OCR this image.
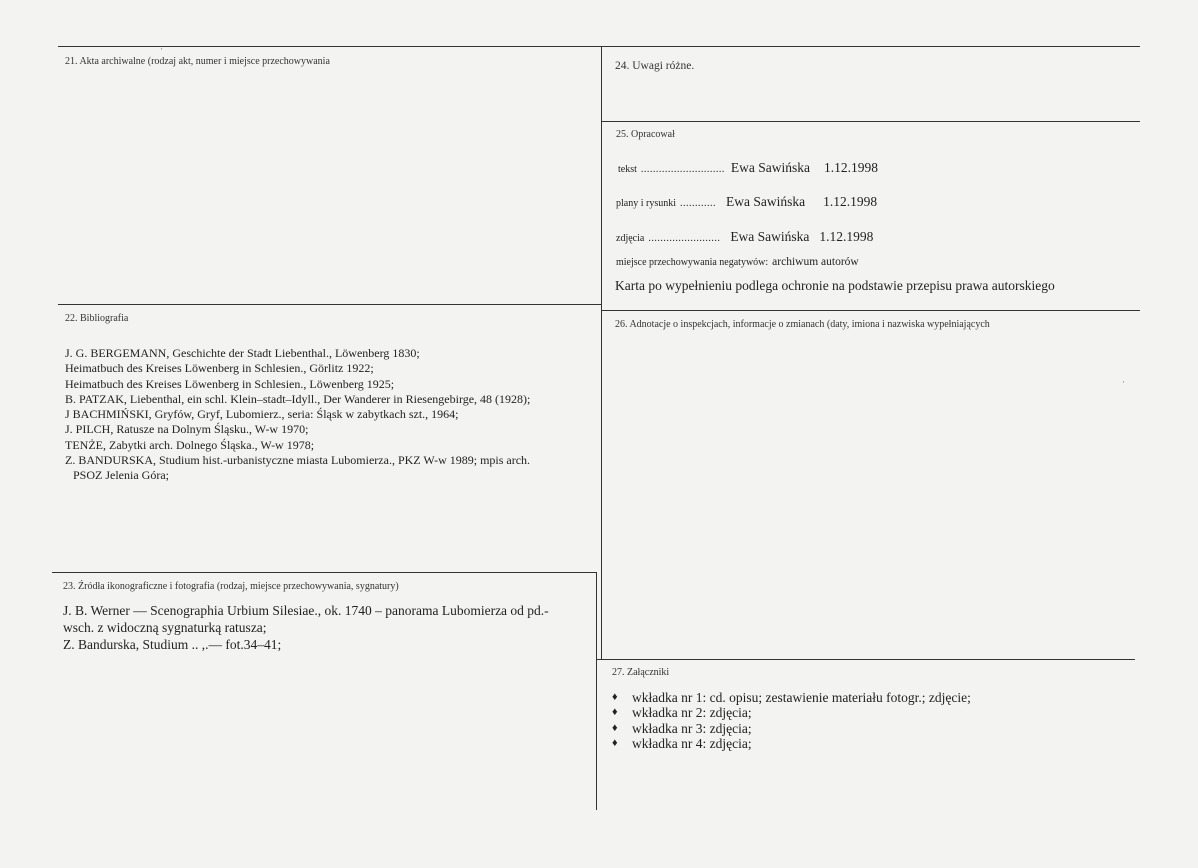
21. Akta archiwalne (rodzaj akt, numer i miejsce przechowywania
22. Bibliografia
J. G. BERGEMANN, Geschichte der Stadt Liebenthal., Löwenberg 1830;
Heimatbuch des Kreises Löwenberg in Schlesien., Görlitz 1922;
Heimatbuch des Kreises Löwenberg in Schlesien., Löwenberg 1925;
B. PATZAK, Liebenthal, ein schl. Klein–stadt–Idyll., Der Wanderer in Riesengebirge, 48 (1928);
J BACHMIŃSKI, Gryfów, Gryf, Lubomierz., seria: Śląsk w zabytkach szt., 1964;
J. PILCH, Ratusze na Dolnym Śląsku., W-w 1970;
TENŻE, Zabytki arch. Dolnego Śląska., W-w 1978;
Z. BANDURSKA, Studium hist.-urbanistyczne miasta Lubomierza., PKZ W-w 1989; mpis arch.
PSOZ Jelenia Góra;
23. Źródła ikonograficzne i fotografia (rodzaj, miejsce przechowywania, sygnatury)
J. B. Werner — Scenographia Urbium Silesiae., ok. 1740 – panorama Lubomierza od pd.-
wsch. z widoczną sygnaturką ratusza;
Z. Bandurska, Studium .. ,.— fot.34–41;
24. Uwagi różne.
25. Opracował
tekst ............................ Ewa Sawińska 1.12.1998
plany i rysunki ............ Ewa Sawińska 1.12.1998
zdjęcia ........................ Ewa Sawińska 1.12.1998
miejsce przechowywania negatywów: archiwum autorów
Karta po wypełnieniu podlega ochronie na podstawie przepisu prawa autorskiego
26. Adnotacje o inspekcjach, informacje o zmianach (daty, imiona i nazwiska wypełniających
27. Załączniki
♦	wkładka nr 1: cd. opisu; zestawienie materiału fotogr.; zdjęcie;
♦	wkładka nr 2: zdjęcia;
♦	wkładka nr 3: zdjęcia;
♦	wkładka nr 4: zdjęcia;
·
·
